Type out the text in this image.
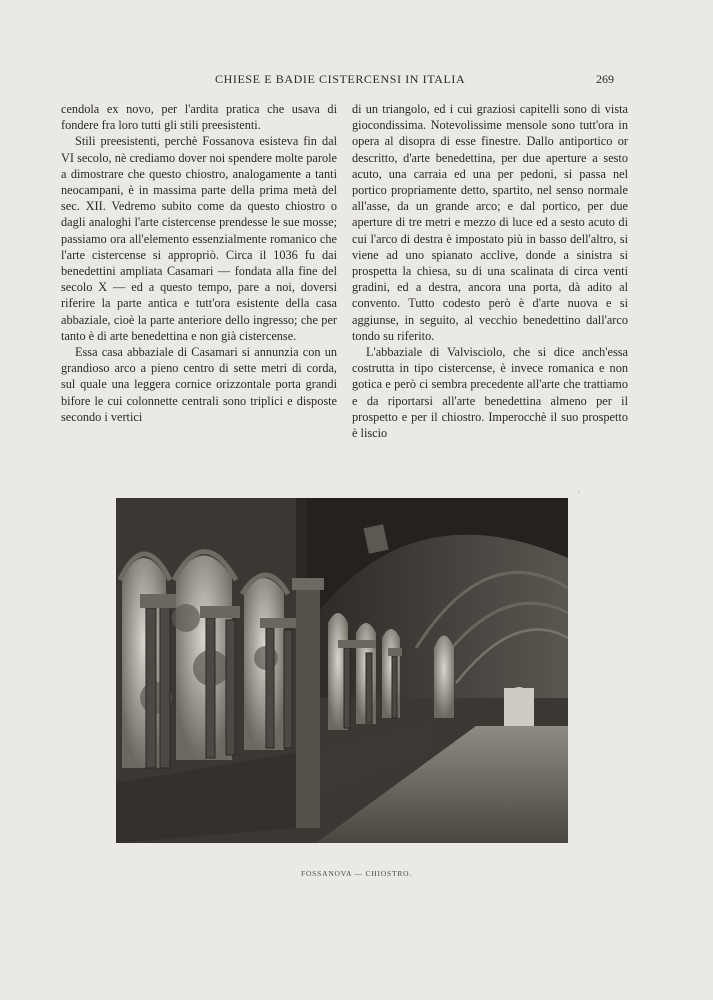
CHIESE E BADIE CISTERCENSI IN ITALIA	269

cendola ex novo, per l'ardita pratica che usava di fondere fra loro tutti gli stili preesistenti.

Stili preesistenti, perchè Fossanova esisteva fin dal VI secolo, nè crediamo dover noi spendere molte parole a dimostrare che questo chiostro, analogamente a tanti neocampani, è in massima parte della prima metà del sec. XII. Vedremo subito come da questo chiostro o dagli analoghi l'arte cistercense prendesse le sue mosse; passiamo ora all'elemento essenzialmente romanico che l'arte cistercense si appropriò. Circa il 1036 fu dai benedettini ampliata Casamari — fondata alla fine del secolo X — ed a questo tempo, pare a noi, doversi riferire la parte antica e tutt'ora esistente della casa abbaziale, cioè la parte anteriore dello ingresso; che per tanto è di arte benedettina e non già cistercense.

Essa casa abbaziale di Casamari si annunzia con un grandioso arco a pieno centro di sette metri di corda, sul quale una leggera cornice orizzontale porta grandi bifore le cui colonnette centrali sono triplici e disposte secondo i vertici

di un triangolo, ed i cui graziosi capitelli sono di vista giocondissima. Notevolissime mensole sono tutt'ora in opera al disopra di esse finestre. Dallo antiportico or descritto, d'arte benedettina, per due aperture a sesto acuto, una carraia ed una per pedoni, si passa nel portico propriamente detto, spartito, nel senso normale all'asse, da un grande arco; e dal portico, per due aperture di tre metri e mezzo di luce ed a sesto acuto di cui l'arco di destra è impostato più in basso dell'altro, si viene ad uno spianato acclive, donde a sinistra si prospetta la chiesa, su di una scalinata di circa venti gradini, ed a destra, ancora una porta, dà adito al convento. Tutto codesto però è d'arte nuova e si aggiunse, in seguito, al vecchio benedettino dall'arco tondo su riferito.

L'abbaziale di Valvisciolo, che si dice anch'essa costrutta in tipo cistercense, è invece romanica e non gotica e però ci sembra precedente all'arte che trattiamo e da riportarsi all'arte benedettina almeno per il prospetto e per il chiostro. Imperocchè il suo prospetto è liscio

'
FOSSANOVA — CHIOSTRO.
